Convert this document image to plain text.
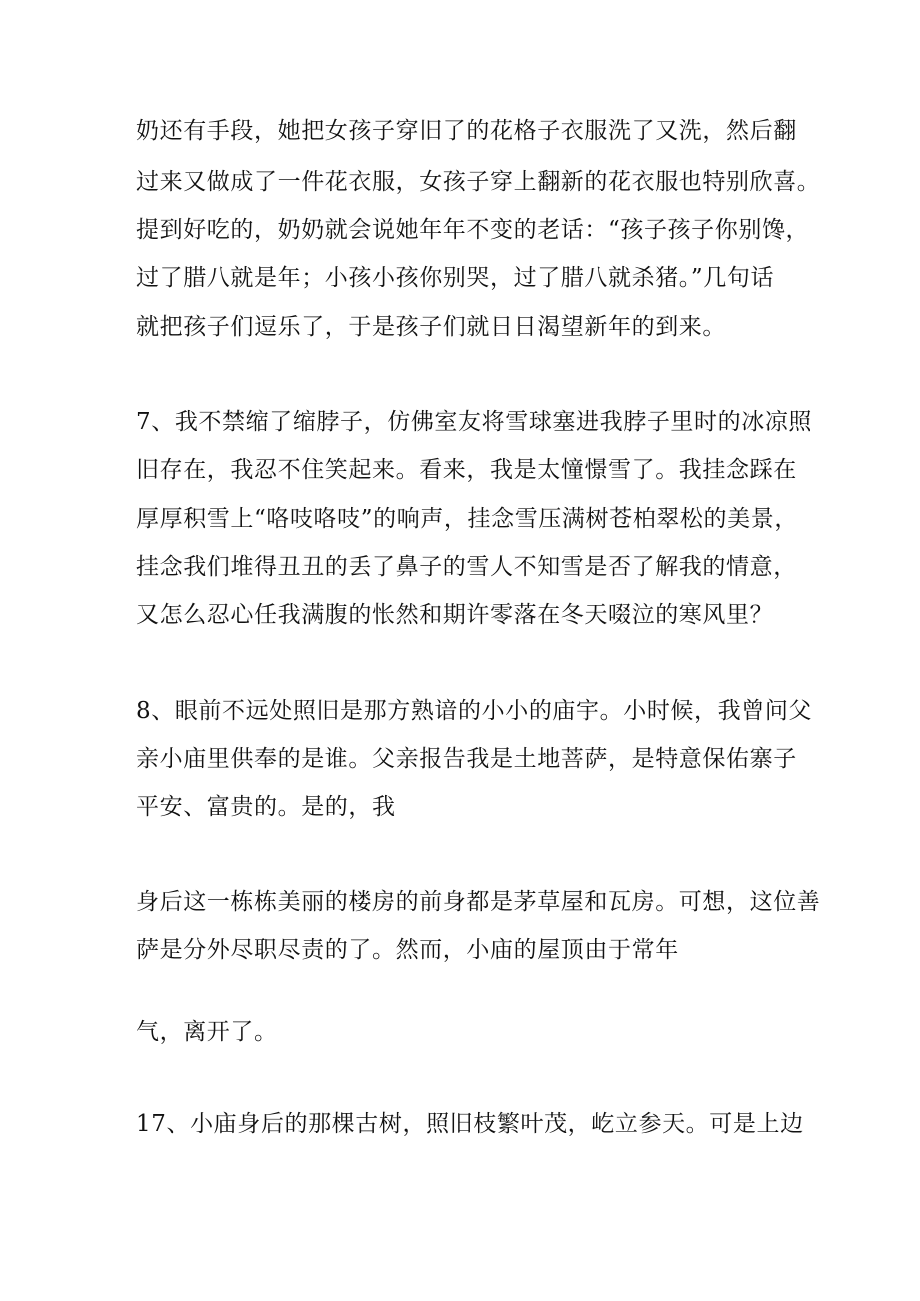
奶还有手段，她把女孩子穿旧了的花格子衣服洗了又洗，然后翻
过来又做成了一件花衣服，女孩子穿上翻新的花衣服也特别欣喜。
提到好吃的，奶奶就会说她年年不变的老话：“孩子孩子你别馋，
过了腊八就是年；小孩小孩你别哭，过了腊八就杀猪。”几句话
就把孩子们逗乐了，于是孩子们就日日渴望新年的到来。
7、我不禁缩了缩脖子，仿佛室友将雪球塞进我脖子里时的冰凉照
旧存在，我忍不住笑起来。看来，我是太憧憬雪了。我挂念踩在
厚厚积雪上“咯吱咯吱”的响声，挂念雪压满树苍柏翠松的美景，
挂念我们堆得丑丑的丢了鼻子的雪人不知雪是否了解我的情意，
又怎么忍心任我满腹的怅然和期许零落在冬天啜泣的寒风里？
8、眼前不远处照旧是那方熟谙的小小的庙宇。小时候，我曾问父
亲小庙里供奉的是谁。父亲报告我是土地菩萨，是特意保佑寨子
平安、富贵的。是的，我
身后这一栋栋美丽的楼房的前身都是茅草屋和瓦房。可想，这位善
萨是分外尽职尽责的了。然而，小庙的屋顶由于常年
气，离开了。
17、小庙身后的那棵古树，照旧枝繁叶茂，屹立参天。可是上边
